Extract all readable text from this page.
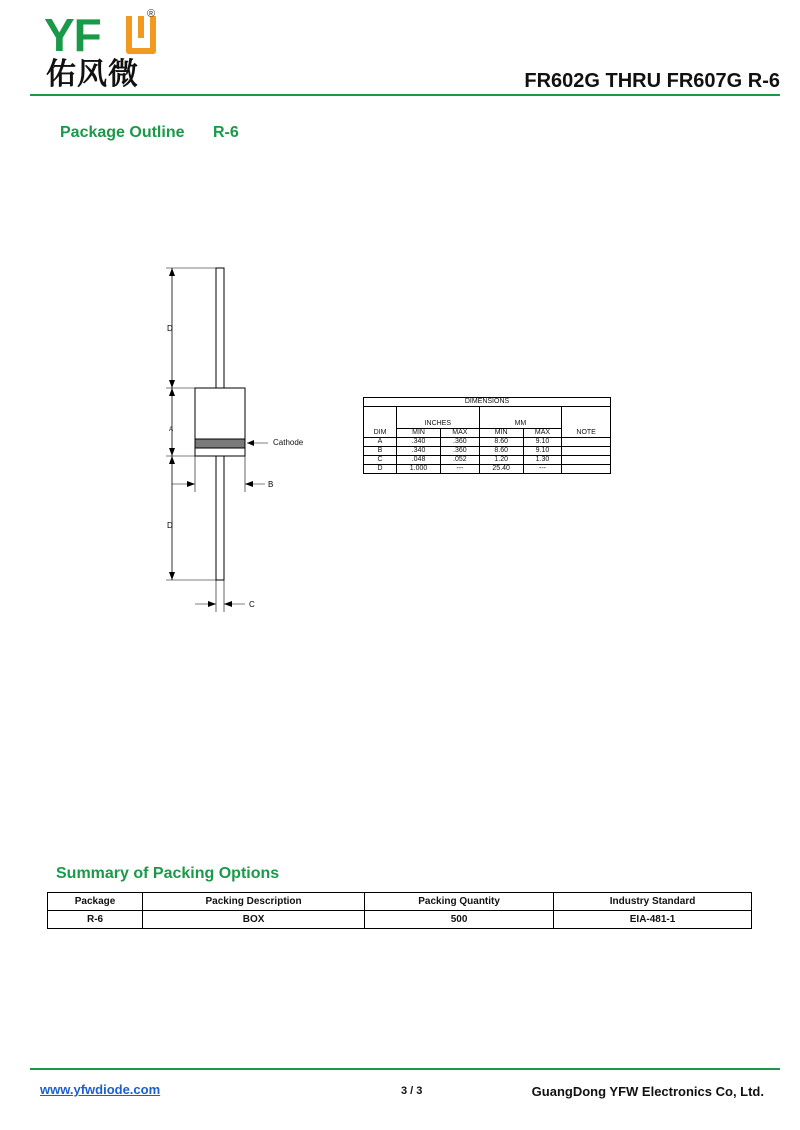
YF	®
佑风微	FR602G THRU FR607G R-6
Package Outline R-6
D
A
D
B
C
Cathode
DIMENSIONS					
DIM	INCHES		MM		NOTE
	MIN	MAX	MIN	MAX	
A	.340	.360	8.60	9.10	
B	.340	.360	8.60	9.10	
C	.048	.052	1.20	1.30	
D	1.000	---	25.40	---	
Summary of Packing Options
Package	Packing Description	Packing Quantity	Industry Standard
R-6	BOX	500	EIA-481-1
www.yfwdiode.com	3 / 3	GuangDong YFW Electronics Co, Ltd.
